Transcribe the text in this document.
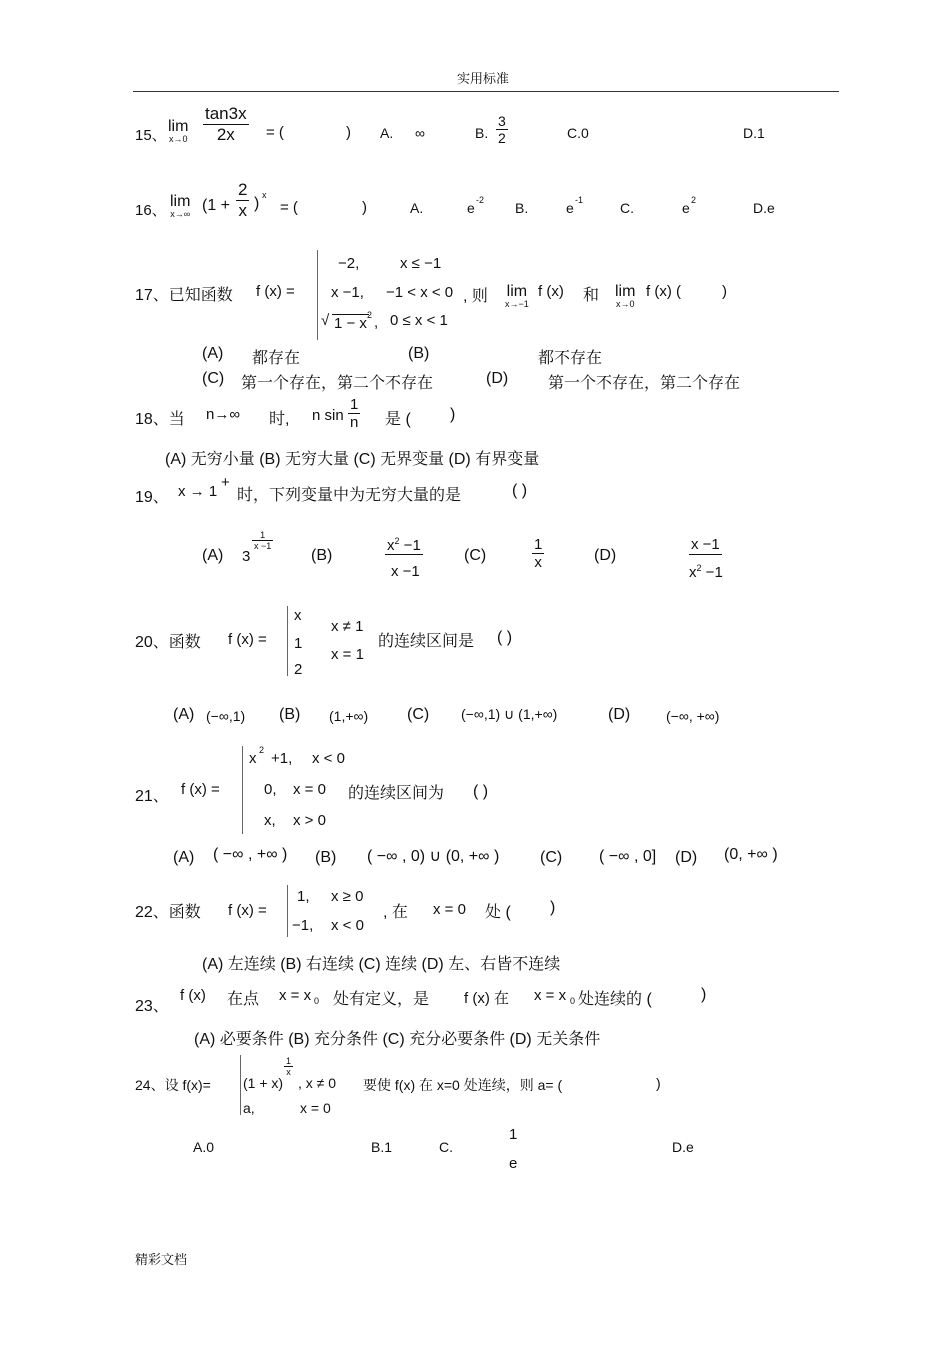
实用标准
15、
lim
$x\to 0 \frac{\tan 3x}{2x}$ = (	) A. ∞	B. $\frac{3}{2}$	C.0	D.1
16、
lim
x→∞ ($1 + \frac{2}{x}$ ) x
= (	)	A.	e -2 B.	e -1	C.	e 2	D.e
17、已知函数 f (x) =
−2,	x ≤ −1
x −1, −1 < x < 0
√ 1 − x 2 , 0 ≤ x < 1
, 则 lim
x→−1
f (x) 和 lim
x→0
f (x) (	)
(A) 都存在	(B)	都不存在
(C) 第一个存在，第二个不存在	(D) 第一个不存在，第二个存在
18、当 n→∞ 时, n $\sin \frac{1}{n}$ 是 ( )
(A) 无穷小量 (B) 无穷大量 (C) 无界变量 (D) 有界变量
19、 x → 1
+
时，下列变量中为无穷大量的是	( )
(A) 3
$\frac{1}{x -1}$
(B)
$x^2 -1$
x −1
(C)	$\frac{1}{x}$	(D)
x −1
$x^2 -1$
20、函数 f (x) =
x
x ≠ 1
1
x = 1
2
的连续区间是 ( )
(A) (−∞,1) (B) (1,+∞) (C) (−∞,1) ∪ (1,+∞)	(D)	(−∞, +∞)
21、 f (x) =
x 2 +1, x < 0
0, x = 0
x, x > 0
的连续区间为 ( )
(A) ( −∞ , +∞ ) (B) ( −∞ , 0) ∪ (0, +∞ )	(C) ( −∞ , 0] (D) (0, +∞ )
22、函数 f (x) =
1, x ≥ 0
−1, x < 0
, 在 x = 0 处 ( )
(A) 左连续 (B) 右连续 (C) 连续 (D) 左、右皆不连续
23、
f (x) 在点 x = x 0 处有定义，是 f (x) 在 x = x 0 处连续的 (	)
(A) 必要条件 (B) 充分条件 (C) 充分必要条件 (D) 无关条件
24、设 f(x)= (1 + x)
$\frac{1}{x}$
, x ≠ 0
a,	x = 0
要使 f(x) 在 x=0 处连续，则 a= (	)
A.0	B.1	C.
1
e
D.e
精彩文档
